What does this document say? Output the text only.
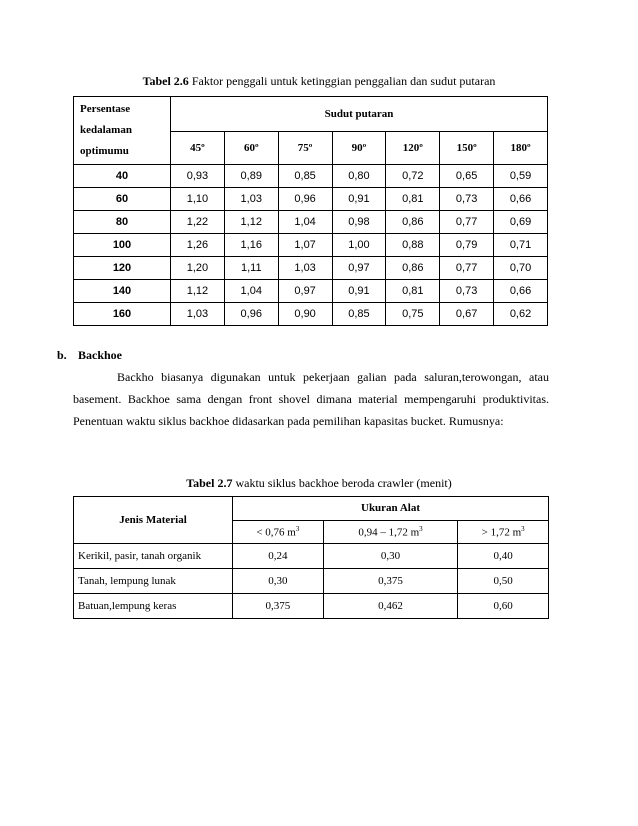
Tabel 2.6 Faktor penggali untuk ketinggian penggalian dan sudut putaran
Persentase
kedalaman
optimumu	Sudut putaran						
	45º	60º	75º	90º	120º	150º	180º
40	0,93	0,89	0,85	0,80	0,72	0,65	0,59
60	1,10	1,03	0,96	0,91	0,81	0,73	0,66
80	1,22	1,12	1,04	0,98	0,86	0,77	0,69
100	1,26	1,16	1,07	1,00	0,88	0,79	0,71
120	1,20	1,11	1,03	0,97	0,86	0,77	0,70
140	1,12	1,04	0,97	0,91	0,81	0,73	0,66
160	1,03	0,96	0,90	0,85	0,75	0,67	0,62
b. Backhoe
Backho biasanya digunakan untuk pekerjaan galian pada saluran,terowongan, atau basement. Backhoe sama dengan front shovel dimana material mempengaruhi produktivitas. Penentuan waktu siklus backhoe didasarkan pada pemilihan kapasitas bucket. Rumusnya:
Tabel 2.7 waktu siklus backhoe beroda crawler (menit)
Jenis Material	Ukuran Alat		
	< 0,76 $m^3$	0,94 – 1,72 $m^3$	> 1,72 $m^3$
Kerikil, pasir, tanah organik	0,24	0,30	0,40
Tanah, lempung lunak	0,30	0,375	0,50
Batuan,lempung keras	0,375	0,462	0,60
